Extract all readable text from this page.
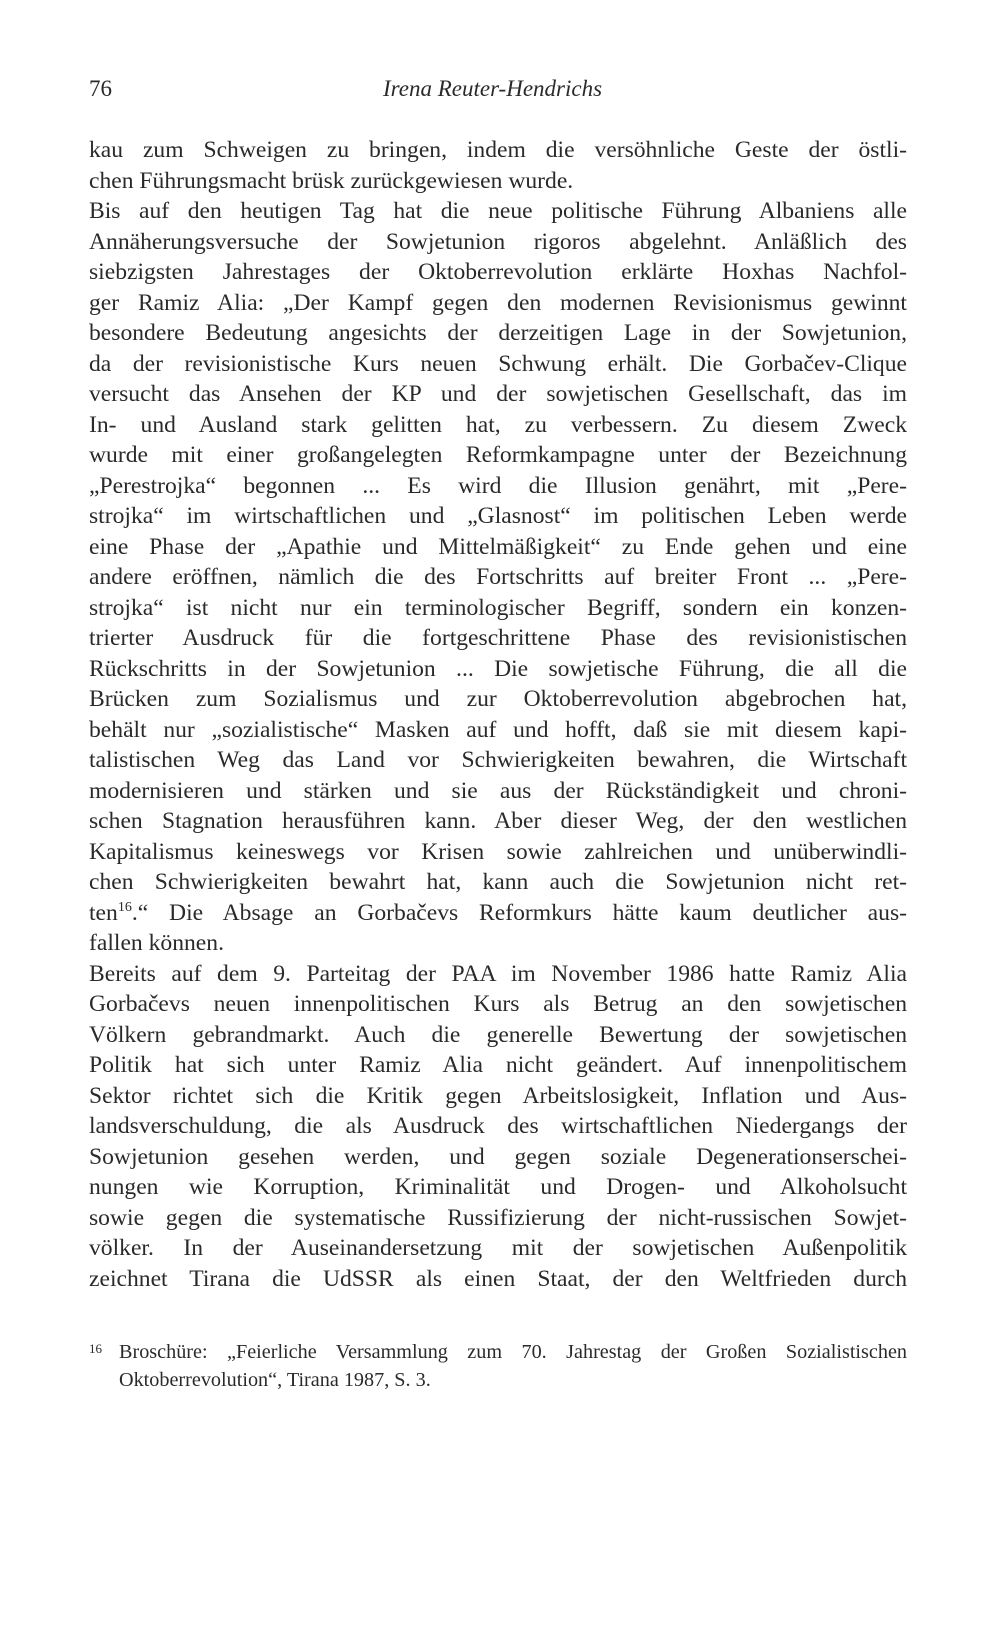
76	Irena Reuter-Hendrichs
kau zum Schweigen zu bringen, indem die versöhnliche Geste der östli-
chen Führungsmacht brüsk zurückgewiesen wurde.
Bis auf den heutigen Tag hat die neue politische Führung Albaniens alle
Annäherungsversuche der Sowjetunion rigoros abgelehnt. Anläßlich des
siebzigsten Jahrestages der Oktoberrevolution erklärte Hoxhas Nachfol-
ger Ramiz Alia: „Der Kampf gegen den modernen Revisionismus gewinnt
besondere Bedeutung angesichts der derzeitigen Lage in der Sowjetunion,
da der revisionistische Kurs neuen Schwung erhält. Die Gorbačev-Clique
versucht das Ansehen der KP und der sowjetischen Gesellschaft, das im
In- und Ausland stark gelitten hat, zu verbessern. Zu diesem Zweck
wurde mit einer großangelegten Reformkampagne unter der Bezeichnung
„Perestrojka“ begonnen ... Es wird die Illusion genährt, mit „Pere-
strojka“ im wirtschaftlichen und „Glasnost“ im politischen Leben werde
eine Phase der „Apathie und Mittelmäßigkeit“ zu Ende gehen und eine
andere eröffnen, nämlich die des Fortschritts auf breiter Front ... „Pere-
strojka“ ist nicht nur ein terminologischer Begriff, sondern ein konzen-
trierter Ausdruck für die fortgeschrittene Phase des revisionistischen
Rückschritts in der Sowjetunion ... Die sowjetische Führung, die all die
Brücken zum Sozialismus und zur Oktoberrevolution abgebrochen hat,
behält nur „sozialistische“ Masken auf und hofft, daß sie mit diesem kapi-
talistischen Weg das Land vor Schwierigkeiten bewahren, die Wirtschaft
modernisieren und stärken und sie aus der Rückständigkeit und chroni-
schen Stagnation herausführen kann. Aber dieser Weg, der den westlichen
Kapitalismus keineswegs vor Krisen sowie zahlreichen und unüberwindli-
chen Schwierigkeiten bewahrt hat, kann auch die Sowjetunion nicht ret-
ten$^{16}$.“ Die Absage an Gorbačevs Reformkurs hätte kaum deutlicher aus-
fallen können.
Bereits auf dem 9. Parteitag der PAA im November 1986 hatte Ramiz Alia
Gorbačevs neuen innenpolitischen Kurs als Betrug an den sowjetischen
Völkern gebrandmarkt. Auch die generelle Bewertung der sowjetischen
Politik hat sich unter Ramiz Alia nicht geändert. Auf innenpolitischem
Sektor richtet sich die Kritik gegen Arbeitslosigkeit, Inflation und Aus-
landsverschuldung, die als Ausdruck des wirtschaftlichen Niedergangs der
Sowjetunion gesehen werden, und gegen soziale Degenerationserschei-
nungen wie Korruption, Kriminalität und Drogen- und Alkoholsucht
sowie gegen die systematische Russifizierung der nicht-russischen Sowjet-
völker. In der Auseinandersetzung mit der sowjetischen Außenpolitik
zeichnet Tirana die UdSSR als einen Staat, der den Weltfrieden durch
16 Broschüre: „Feierliche Versammlung zum 70. Jahrestag der Großen Sozialistischen
Oktoberrevolution“, Tirana 1987, S. 3.
